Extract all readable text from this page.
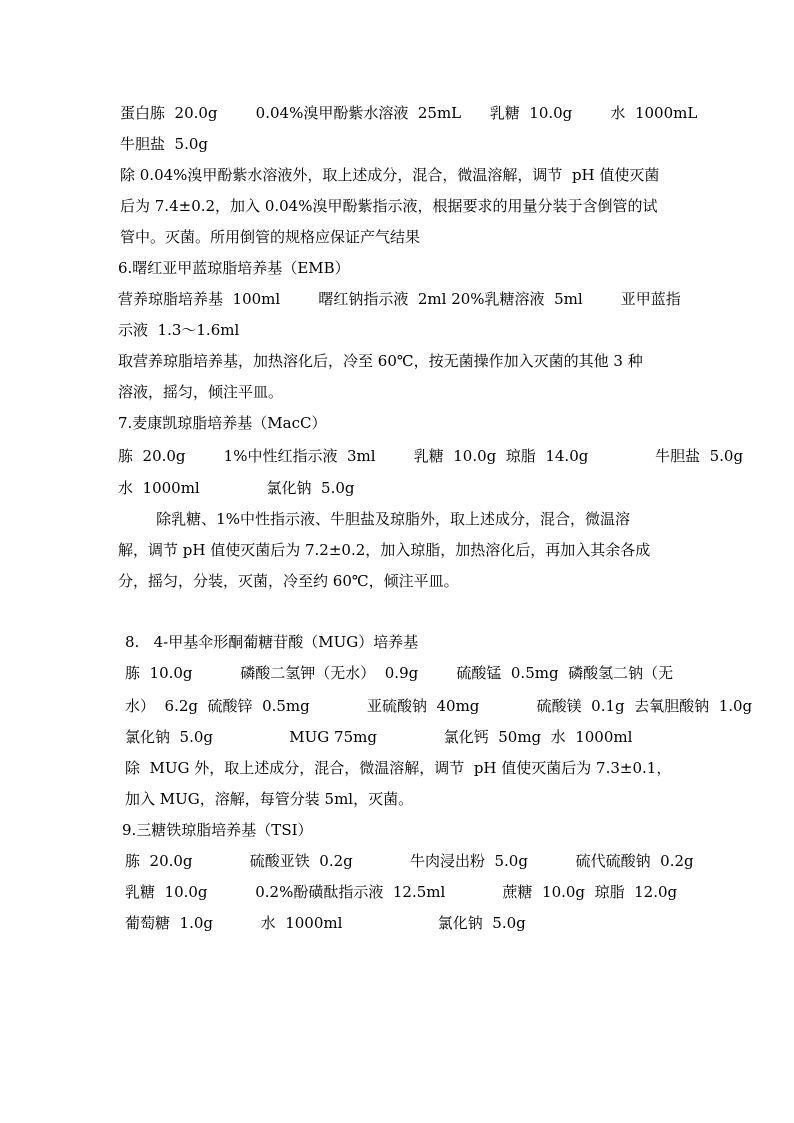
蛋白胨  20.0g        0.04%溴甲酚紫水溶液  25mL      乳糖  10.0g        水  1000mL
牛胆盐  5.0g
除 0.04%溴甲酚紫水溶液外，取上述成分，混合，微温溶解，调节  pH 值使灭菌
后为 7.4±0.2，加入 0.04%溴甲酚紫指示液，根据要求的用量分装于含倒管的试
管中。灭菌。所用倒管的规格应保证产气结果
6.曙红亚甲蓝琼脂培养基（EMB）
营养琼脂培养基  100ml        曙红钠指示液  2ml 20%乳糖溶液  5ml        亚甲蓝指
示液  1.3～1.6ml
取营养琼脂培养基，加热溶化后，冷至 60℃，按无菌操作加入灭菌的其他 3 种
溶液，摇匀，倾注平皿。
7.麦康凯琼脂培养基（MacC）
胨  20.0g        1%中性红指示液  3ml        乳糖  10.0g  琼脂  14.0g              牛胆盐  5.0g
水  1000ml              氯化钠  5.0g
除乳糖、1%中性指示液、牛胆盐及琼脂外，取上述成分，混合，微温溶
解，调节 pH 值使灭菌后为 7.2±0.2，加入琼脂，加热溶化后，再加入其余各成
分，摇匀，分装，灭菌，冷至约 60℃，倾注平皿。
8.   4-甲基伞形酮葡糖苷酸（MUG）培养基
胨  10.0g          磷酸二氢钾（无水）  0.9g        硫酸锰  0.5mg  磷酸氢二钠（无
水）  6.2g  硫酸锌  0.5mg            亚硫酸钠  40mg            硫酸镁  0.1g  去氧胆酸钠  1.0g
氯化钠  5.0g                MUG 75mg              氯化钙  50mg  水  1000ml
除  MUG 外，取上述成分，混合，微温溶解，调节  pH 值使灭菌后为 7.3±0.1，
加入 MUG，溶解，每管分装 5ml，灭菌。
9.三糖铁琼脂培养基（TSI）
胨  20.0g            硫酸亚铁  0.2g            牛肉浸出粉  5.0g          硫代硫酸钠  0.2g
乳糖  10.0g          0.2%酚磺酞指示液  12.5ml            蔗糖  10.0g  琼脂  12.0g
葡萄糖  1.0g          水  1000ml                    氯化钠  5.0g
